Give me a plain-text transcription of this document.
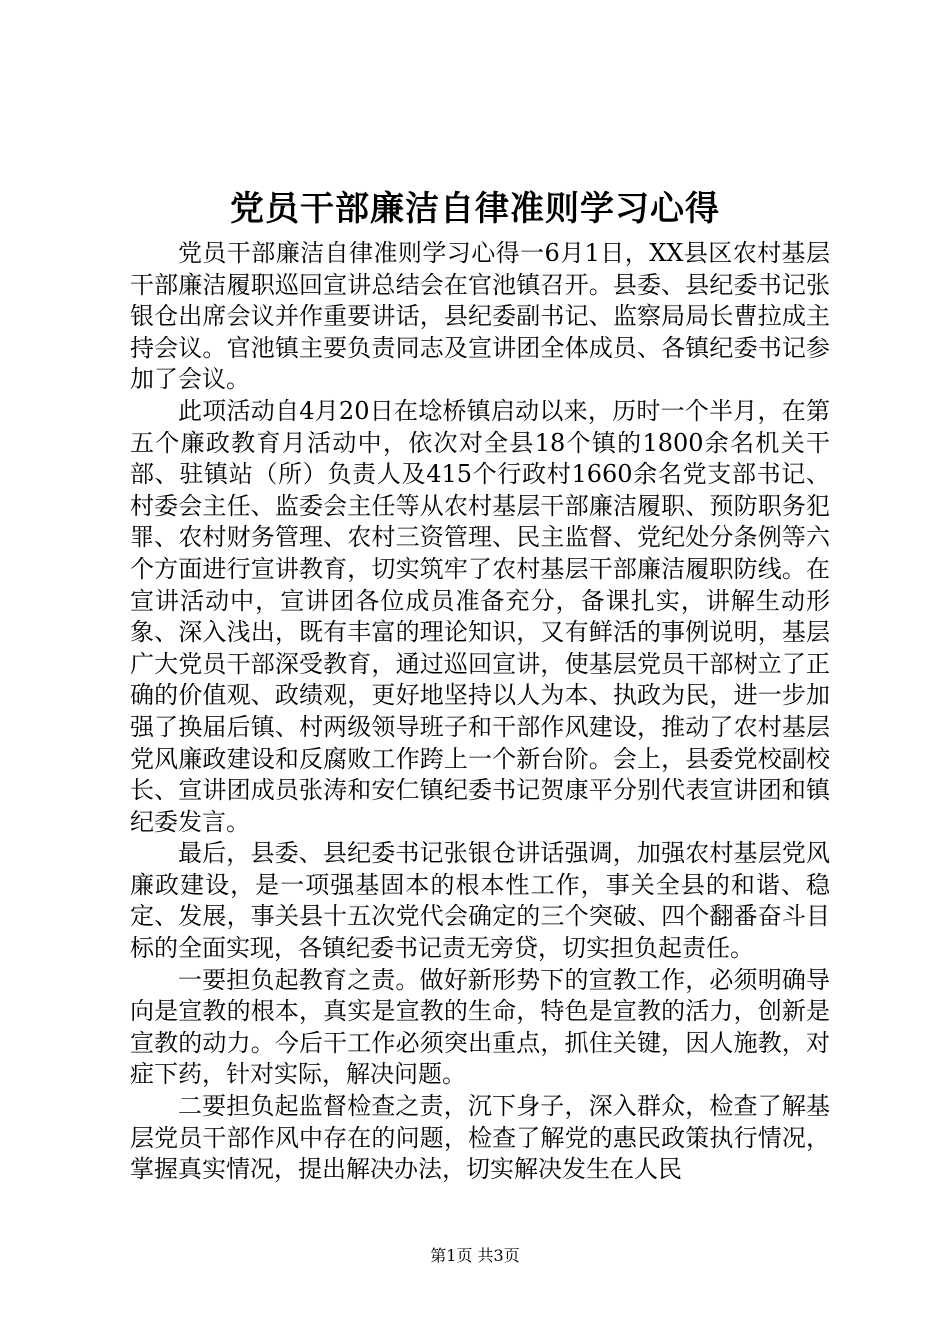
党员干部廉洁自律准则学习心得

党员干部廉洁自律准则学习心得一6月1日，XX县区农村基层干部廉洁履职巡回宣讲总结会在官池镇召开。县委、县纪委书记张银仓出席会议并作重要讲话，县纪委副书记、监察局局长曹拉成主持会议。官池镇主要负责同志及宣讲团全体成员、各镇纪委书记参加了会议。

此项活动自4月20日在埝桥镇启动以来，历时一个半月，在第五个廉政教育月活动中，依次对全县18个镇的1800余名机关干部、驻镇站（所）负责人及415个行政村1660余名党支部书记、村委会主任、监委会主任等从农村基层干部廉洁履职、预防职务犯罪、农村财务管理、农村三资管理、民主监督、党纪处分条例等六个方面进行宣讲教育，切实筑牢了农村基层干部廉洁履职防线。在宣讲活动中，宣讲团各位成员准备充分，备课扎实，讲解生动形象、深入浅出，既有丰富的理论知识，又有鲜活的事例说明，基层广大党员干部深受教育，通过巡回宣讲，使基层党员干部树立了正确的价值观、政绩观，更好地坚持以人为本、执政为民，进一步加强了换届后镇、村两级领导班子和干部作风建设，推动了农村基层党风廉政建设和反腐败工作跨上一个新台阶。会上，县委党校副校长、宣讲团成员张涛和安仁镇纪委书记贺康平分别代表宣讲团和镇纪委发言。

最后，县委、县纪委书记张银仓讲话强调，加强农村基层党风廉政建设，是一项强基固本的根本性工作，事关全县的和谐、稳定、发展，事关县十五次党代会确定的三个突破、四个翻番奋斗目标的全面实现，各镇纪委书记责无旁贷，切实担负起责任。

一要担负起教育之责。做好新形势下的宣教工作，必须明确导向是宣教的根本，真实是宣教的生命，特色是宣教的活力，创新是宣教的动力。今后干工作必须突出重点，抓住关键，因人施教，对症下药，针对实际，解决问题。

二要担负起监督检查之责，沉下身子，深入群众，检查了解基层党员干部作风中存在的问题，检查了解党的惠民政策执行情况，掌握真实情况，提出解决办法，切实解决发生在人民

第1页 共3页
